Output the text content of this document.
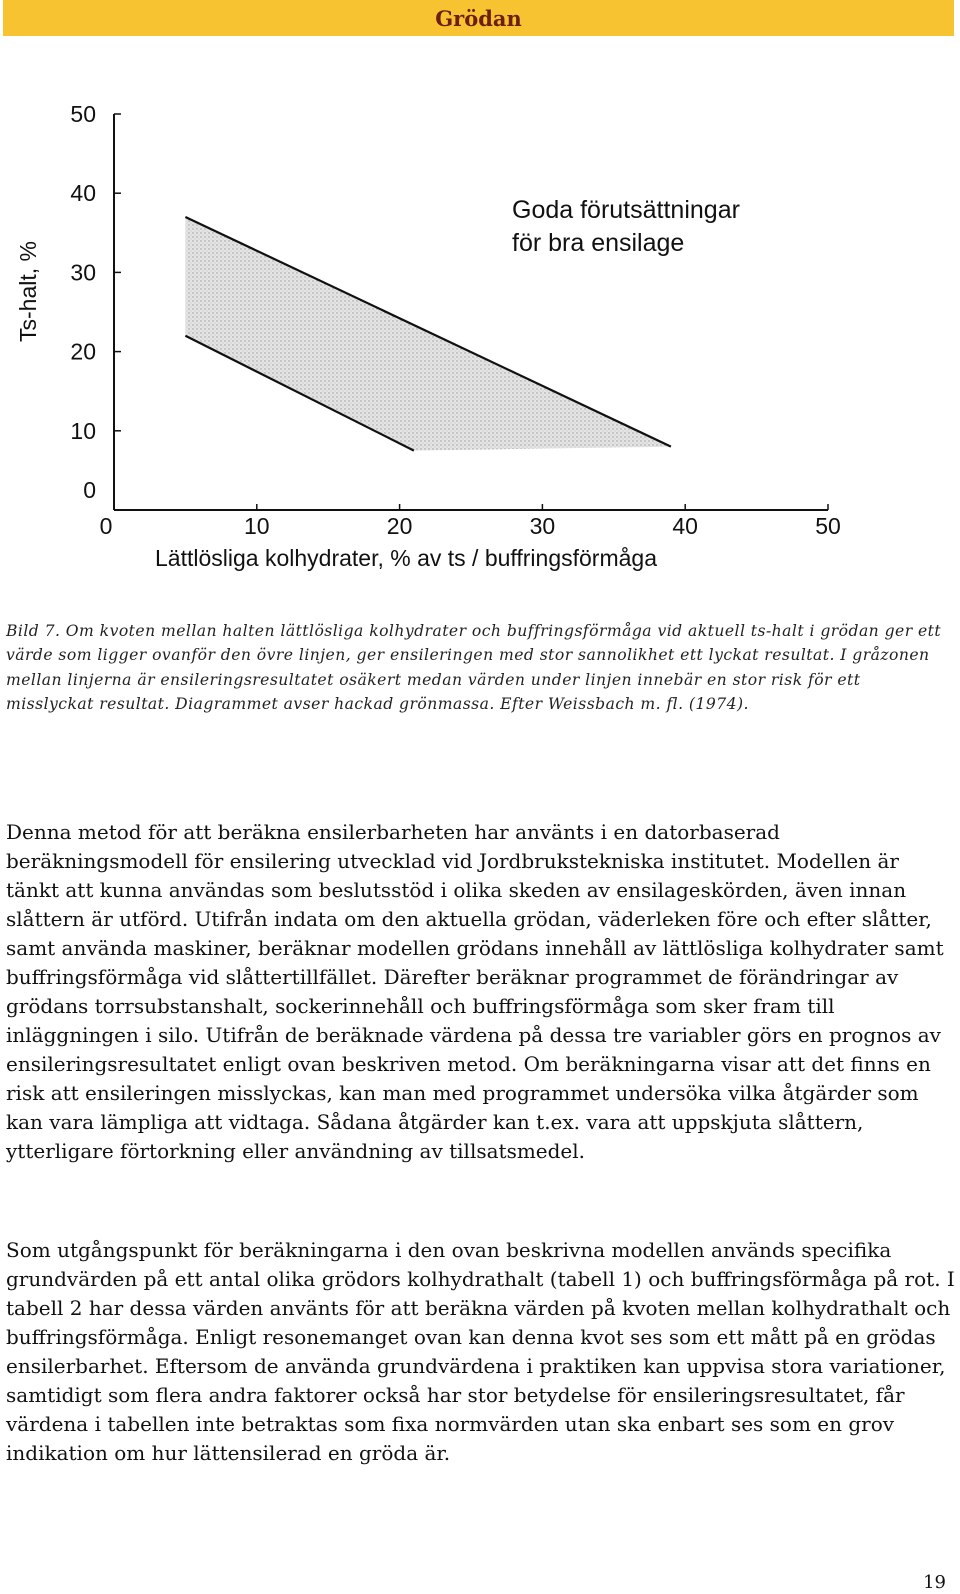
Grödan
0
10
20
30
40
50
0	10	20	30	40	50
Goda förutsättningar
för bra ensilage
Lättlösliga kolhydrater, % av ts / buffringsförmåga
Ts-halt, %
Bild 7. Om kvoten mellan halten lättlösliga kolhydrater och buffringsförmåga vid aktuell ts-halt i grödan ger ett värde som ligger ovanför den övre linjen, ger ensileringen med stor sannolikhet ett lyckat resultat. I gråzonen mellan linjerna är ensileringsresultatet osäkert medan värden under linjen innebär en stor risk för ett misslyckat resultat. Diagrammet avser hackad grönmassa. Efter Weissbach m. fl. (1974).

Denna metod för att beräkna ensilerbarheten har använts i en datorbaserad beräkningsmodell för ensilering utvecklad vid Jordbrukstekniska institutet. Modellen är tänkt att kunna användas som beslutsstöd i olika skeden av ensilageskörden, även innan slåttern är utförd. Utifrån indata om den aktuella grödan, väderleken före och efter slåtter, samt använda maskiner, beräknar modellen grödans innehåll av lättlösliga kolhydrater samt buffringsförmåga vid slåttertillfället. Därefter beräknar programmet de förändringar av grödans torrsubstanshalt, sockerinnehåll och buffringsförmåga som sker fram till inläggningen i silo. Utifrån de beräknade värdena på dessa tre variabler görs en prognos av ensileringsresultatet enligt ovan beskriven metod. Om beräkningarna visar att det finns en risk att ensileringen misslyckas, kan man med programmet undersöka vilka åtgärder som kan vara lämpliga att vidtaga. Sådana åtgärder kan t.ex. vara att uppskjuta slåttern, ytterligare förtorkning eller användning av tillsatsmedel.

Som utgångspunkt för beräkningarna i den ovan beskrivna modellen används specifika grundvärden på ett antal olika grödors kolhydrathalt (tabell 1) och buffringsförmåga på rot. I tabell 2 har dessa värden använts för att beräkna värden på kvoten mellan kolhydrathalt och buffringsförmåga. Enligt resonemanget ovan kan denna kvot ses som ett mått på en grödas ensilerbarhet. Eftersom de använda grundvärdena i praktiken kan uppvisa stora variationer, samtidigt som flera andra faktorer också har stor betydelse för ensileringsresultatet, får värdena i tabellen inte betraktas som fixa normvärden utan ska enbart ses som en grov indikation om hur lättensilerad en gröda är.

19
